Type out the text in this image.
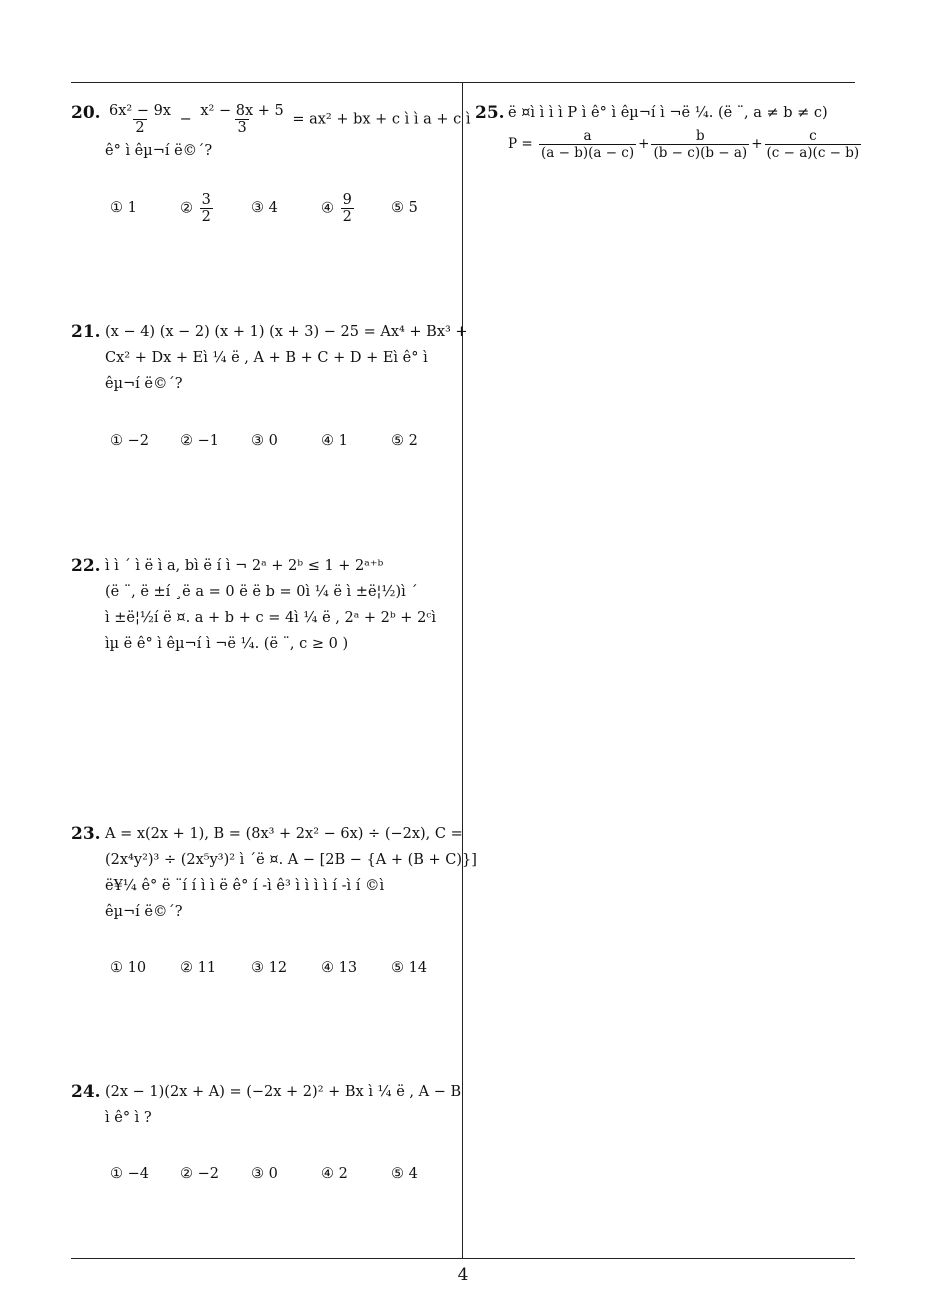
20. $\frac{\text{6x² − 9x}}{2} - \frac{\text{x² − 8x + 5}}{3} = ax^2$ + bx + c ì ì a + c ì
ê° ì êµ¬í ë©´?
① 1	② $\frac{3}{2}$	③ 4	④ $\frac{9}{2}$	⑤ 5
21. (x − 4) (x − 2) (x + 1) (x + 3) − 25 = Ax⁴ + Bx³ +
Cx² + Dx + Eì ¼ ë , A + B + C + D + Eì ê° ì
êµ¬í ë©´?
① −2 ② −1 ③ 0	④ 1	⑤ 2
22. ì ì ´ ì ë ì a, bì ë í ì ¬ 2ᵃ + 2ᵇ ≤ 1 + 2ᵃ⁺ᵇ
(ë ¨, ë ±í ¸ë a = 0 ë ë b = 0ì ¼ ë ì ±ë¦½)ì ´
ì ±ë¦½í ë ¤. a + b + c = 4ì ¼ ë , 2ᵃ + 2ᵇ + 2ᶜì
ìµ ë ê° ì êµ¬í ì ¬ë ¼. (ë ¨, c ≥ 0 )
23. A = x(2x + 1), B = (8x³ + 2x² − 6x) ÷ (−2x), C =
(2x⁴y²)³ ÷ (2x⁵y³)² ì ´ë ¤. A − [2B − {A + (B + C)}]
ë¥¼ ê° ë ¨í í ì ì ë ê° í -ì ê³ ì ì ì ì í -ì í ©ì
êµ¬í ë©´?
① 10 ② 11 ③ 12 ④ 13 ⑤ 14
24. (2x − 1)(2x + A) = (−2x + 2)² + Bx ì ¼ ë , A − B
ì ê° ì ?
① −4 ② −2 ③ 0	④ 2	⑤ 4
25. ë ¤ì ì ì ì P ì ê° ì êµ¬í ì ¬ë ¼. (ë ¨, a ≠ b ≠ c)
$P = \frac{a}{(a - b)(a - c)} + \frac{b}{(b - c)(b - a)} + \frac{c}{(c - a)(c - b)}$
4
